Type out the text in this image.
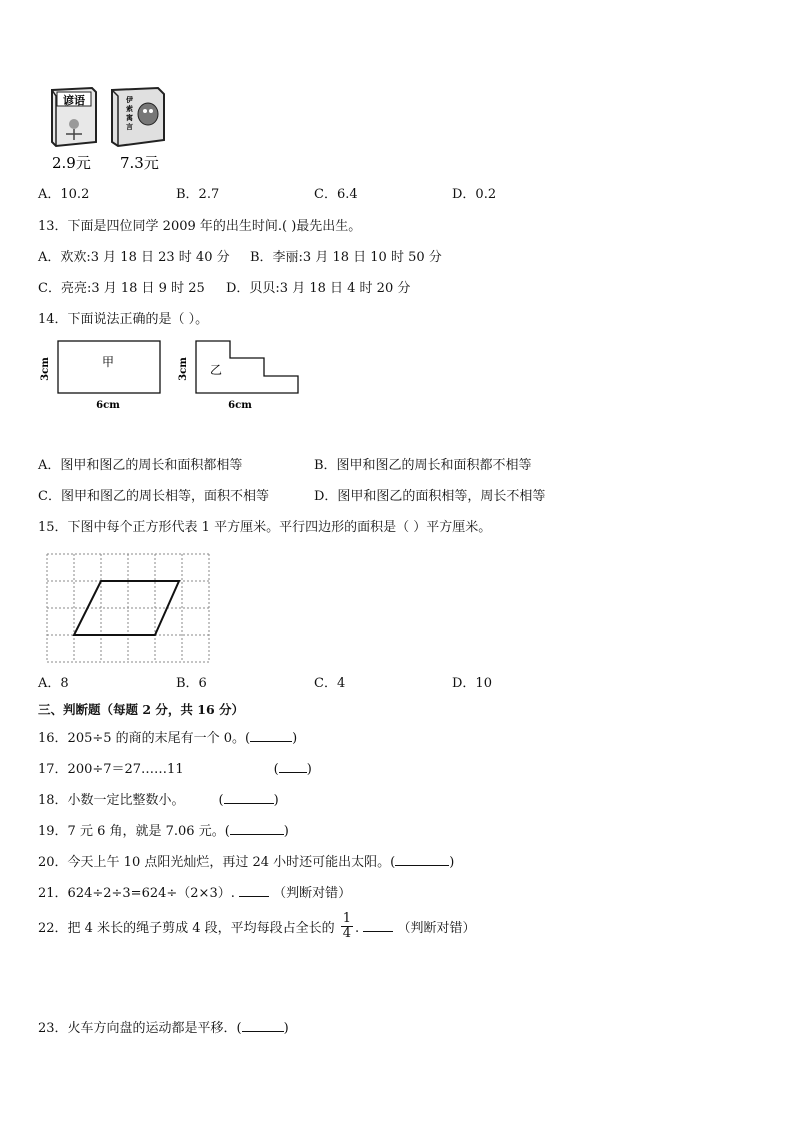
谚语	伊
索
寓
言
2.9元 7.3元
A．10.2	B．2.7	C．6.4	D．0.2
13．下面是四位同学 2009 年的出生时间.( )最先出生。
A．欢欢:3 月 18 日 23 时 40 分 B．李丽:3 月 18 日 10 时 50 分
C．亮亮:3 月 18 日 9 时 25 D．贝贝:3 月 18 日 4 时 20 分
14．下面说法正确的是（ ）。
甲
3cm
6cm
乙
3cm
6cm
A．图甲和图乙的周长和面积都相等	B．图甲和图乙的周长和面积都不相等
C．图甲和图乙的周长相等，面积不相等	D．图甲和图乙的面积相等，周长不相等
15．下图中每个正方形代表 1 平方厘米。平行四边形的面积是（ ）平方厘米。
A．8	B．6	C．4	D．10
三、判断题（每题 2 分，共 16 分）
16．205÷5 的商的末尾有一个 0。(	)
17．200÷7＝27……11	( )
18．小数一定比整数小。	(	)
19．7 元 6 角，就是 7.06 元。(	)
20．今天上午 10 点阳光灿烂，再过 24 小时还可能出太阳。(	)
21．624÷2÷3=624÷（2×3）.	（判断对错）
22．把 4 米长的绳子剪成 4 段，平均每段占全长的 $\frac{1}{4}$ .	（判断对错）
23．火车方向盘的运动都是平移．(	)
